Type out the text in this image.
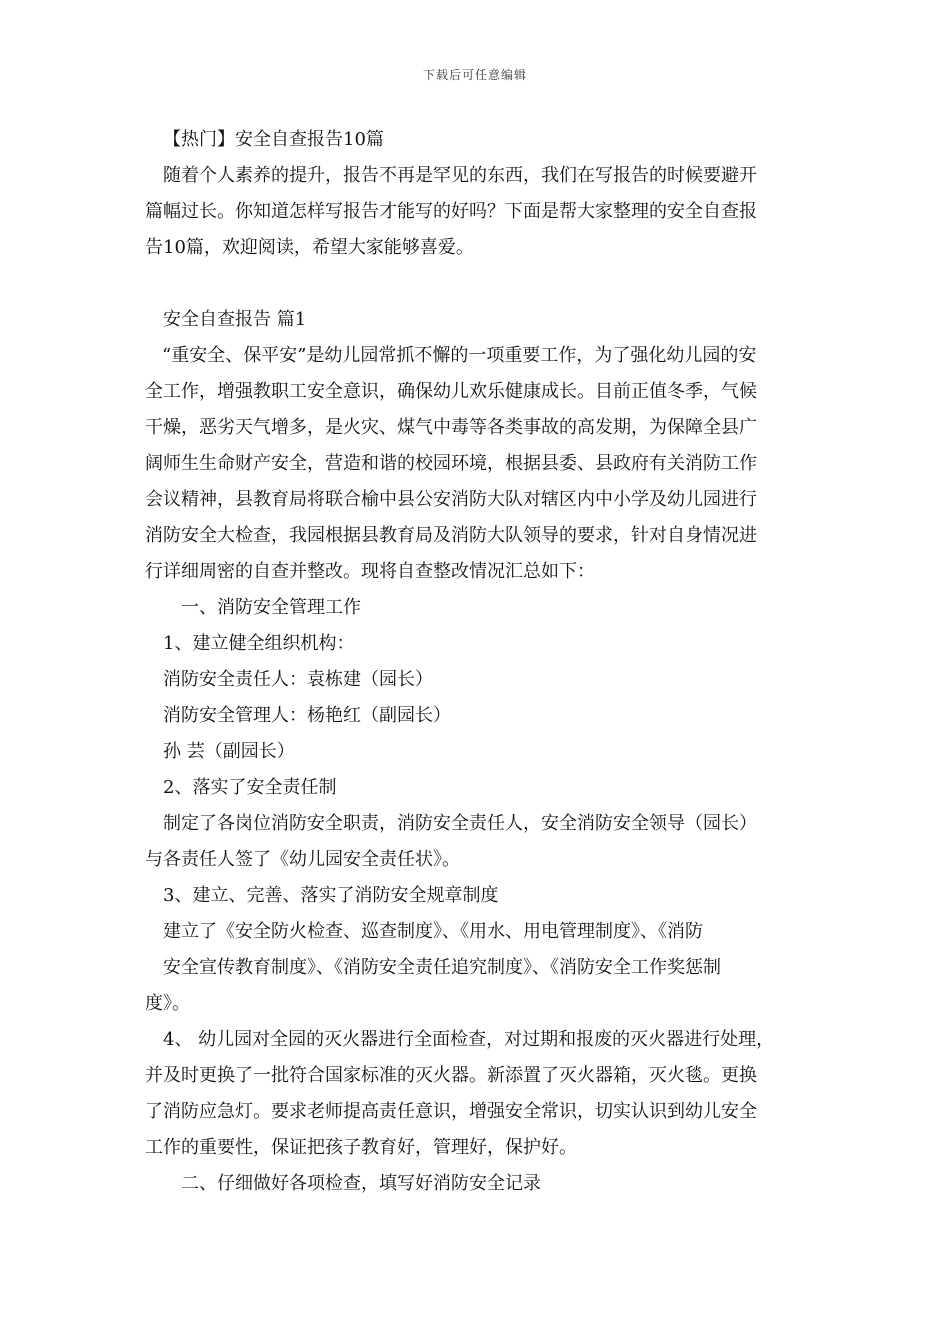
下载后可任意编辑
【热门】安全自查报告10篇
随着个人素养的提升，报告不再是罕见的东西，我们在写报告的时候要避开
篇幅过长。你知道怎样写报告才能写的好吗？下面是帮大家整理的安全自查报
告10篇，欢迎阅读，希望大家能够喜爱。
安全自查报告 篇1
“重安全、保平安”是幼儿园常抓不懈的一项重要工作，为了强化幼儿园的安
全工作，增强教职工安全意识，确保幼儿欢乐健康成长。目前正值冬季，气候
干燥，恶劣天气增多，是火灾、煤气中毒等各类事故的高发期，为保障全县广
阔师生生命财产安全，营造和谐的校园环境，根据县委、县政府有关消防工作
会议精神，县教育局将联合榆中县公安消防大队对辖区内中小学及幼儿园进行
消防安全大检查，我园根据县教育局及消防大队领导的要求，针对自身情况进
行详细周密的自查并整改。现将自查整改情况汇总如下：
一、消防安全管理工作
1、建立健全组织机构：
消防安全责任人：袁栋建（园长）
消防安全管理人：杨艳红（副园长）
孙 芸（副园长）
2、落实了安全责任制
制定了各岗位消防安全职责，消防安全责任人，安全消防安全领导（园长）
与各责任人签了《幼儿园安全责任状》。
3、建立、完善、落实了消防安全规章制度
建立了《安全防火检查、巡查制度》、《用水、用电管理制度》、《消防
安全宣传教育制度》、《消防安全责任追究制度》、《消防安全工作奖惩制
度》。
4、 幼儿园对全园的灭火器进行全面检查，对过期和报废的灭火器进行处理，
并及时更换了一批符合国家标准的灭火器。新添置了灭火器箱，灭火毯。更换
了消防应急灯。要求老师提高责任意识，增强安全常识，切实认识到幼儿安全
工作的重要性，保证把孩子教育好，管理好，保护好。
二、仔细做好各项检查，填写好消防安全记录
